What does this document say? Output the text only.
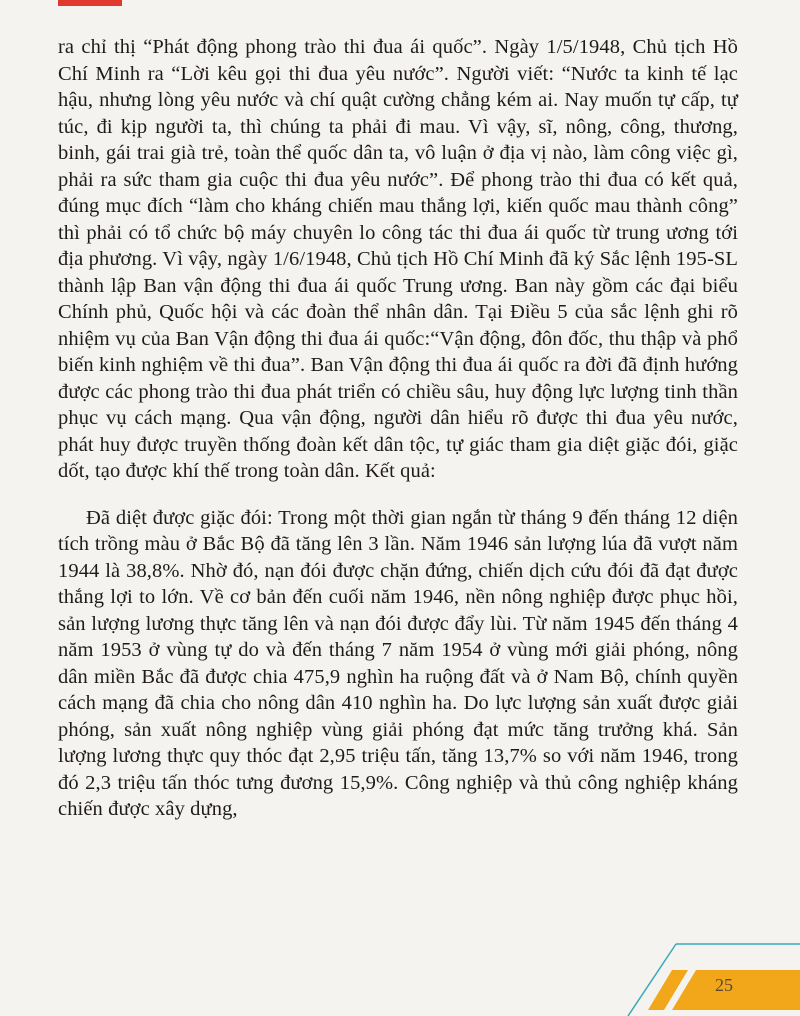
ra chỉ thị “Phát động phong trào thi đua ái quốc”. Ngày 1/5/1948, Chủ tịch Hồ Chí Minh ra “Lời kêu gọi thi đua yêu nước”. Người viết: “Nước ta kinh tế lạc hậu, nhưng lòng yêu nước và chí quật cường chẳng kém ai. Nay muốn tự cấp, tự túc, đi kịp người ta, thì chúng ta phải đi mau. Vì vậy, sĩ, nông, công, thương, binh, gái trai già trẻ, toàn thể quốc dân ta, vô luận ở địa vị nào, làm công việc gì, phải ra sức tham gia cuộc thi đua yêu nước”. Để phong trào thi đua có kết quả, đúng mục đích “làm cho kháng chiến mau thắng lợi, kiến quốc mau thành công” thì phải có tổ chức bộ máy chuyên lo công tác thi đua ái quốc từ trung ương tới địa phương. Vì vậy, ngày 1/6/1948, Chủ tịch Hồ Chí Minh đã ký Sắc lệnh 195-SL thành lập Ban vận động thi đua ái quốc Trung ương. Ban này gồm các đại biểu Chính phủ, Quốc hội và các đoàn thể nhân dân. Tại Điều 5 của sắc lệnh ghi rõ nhiệm vụ của Ban Vận động thi đua ái quốc:“Vận động, đôn đốc, thu thập và phổ biến kinh nghiệm về thi đua”. Ban Vận động thi đua ái quốc ra đời đã định hướng được các phong trào thi đua phát triển có chiều sâu, huy động lực lượng tinh thần phục vụ cách mạng. Qua vận động, người dân hiểu rõ được thi đua yêu nước, phát huy được truyền thống đoàn kết dân tộc, tự giác tham gia diệt giặc đói, giặc dốt, tạo được khí thế trong toàn dân. Kết quả:

Đã diệt được giặc đói: Trong một thời gian ngắn từ tháng 9 đến tháng 12 diện tích trồng màu ở Bắc Bộ đã tăng lên 3 lần. Năm 1946 sản lượng lúa đã vượt năm 1944 là 38,8%. Nhờ đó, nạn đói được chặn đứng, chiến dịch cứu đói đã đạt được thắng lợi to lớn. Về cơ bản đến cuối năm 1946, nền nông nghiệp được phục hồi, sản lượng lương thực tăng lên và nạn đói được đẩy lùi. Từ năm 1945 đến tháng 4 năm 1953 ở vùng tự do và đến tháng 7 năm 1954 ở vùng mới giải phóng, nông dân miền Bắc đã được chia 475,9 nghìn ha ruộng đất và ở Nam Bộ, chính quyền cách mạng đã chia cho nông dân 410 nghìn ha. Do lực lượng sản xuất được giải phóng, sản xuất nông nghiệp vùng giải phóng đạt mức tăng trưởng khá. Sản lượng lương thực quy thóc đạt 2,95 triệu tấn, tăng 13,7% so với năm 1946, trong đó 2,3 triệu tấn thóc tưng đương 15,9%. Công nghiệp và thủ công nghiệp kháng chiến được xây dựng,

25
